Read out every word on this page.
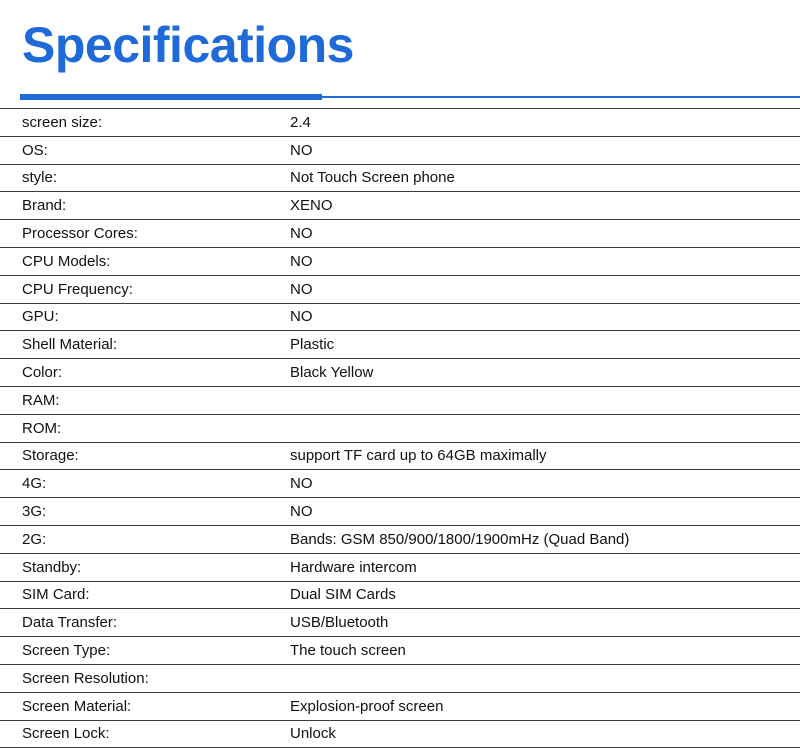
Specifications
screen size:	2.4
OS:	NO
style:	Not Touch Screen phone
Brand:	XENO
Processor Cores:	NO
CPU Models:	NO
CPU Frequency:	NO
GPU:	NO
Shell Material:	Plastic
Color:	Black Yellow
RAM:	
ROM:	
Storage:	support TF card up to 64GB maximally
4G:	NO
3G:	NO
2G:	Bands: GSM 850/900/1800/1900mHz (Quad Band)
Standby:	Hardware intercom
SIM Card:	Dual SIM Cards
Data Transfer:	USB/Bluetooth
Screen Type:	The touch screen
Screen Resolution:	
Screen Material:	Explosion-proof screen
Screen Lock:	Unlock
